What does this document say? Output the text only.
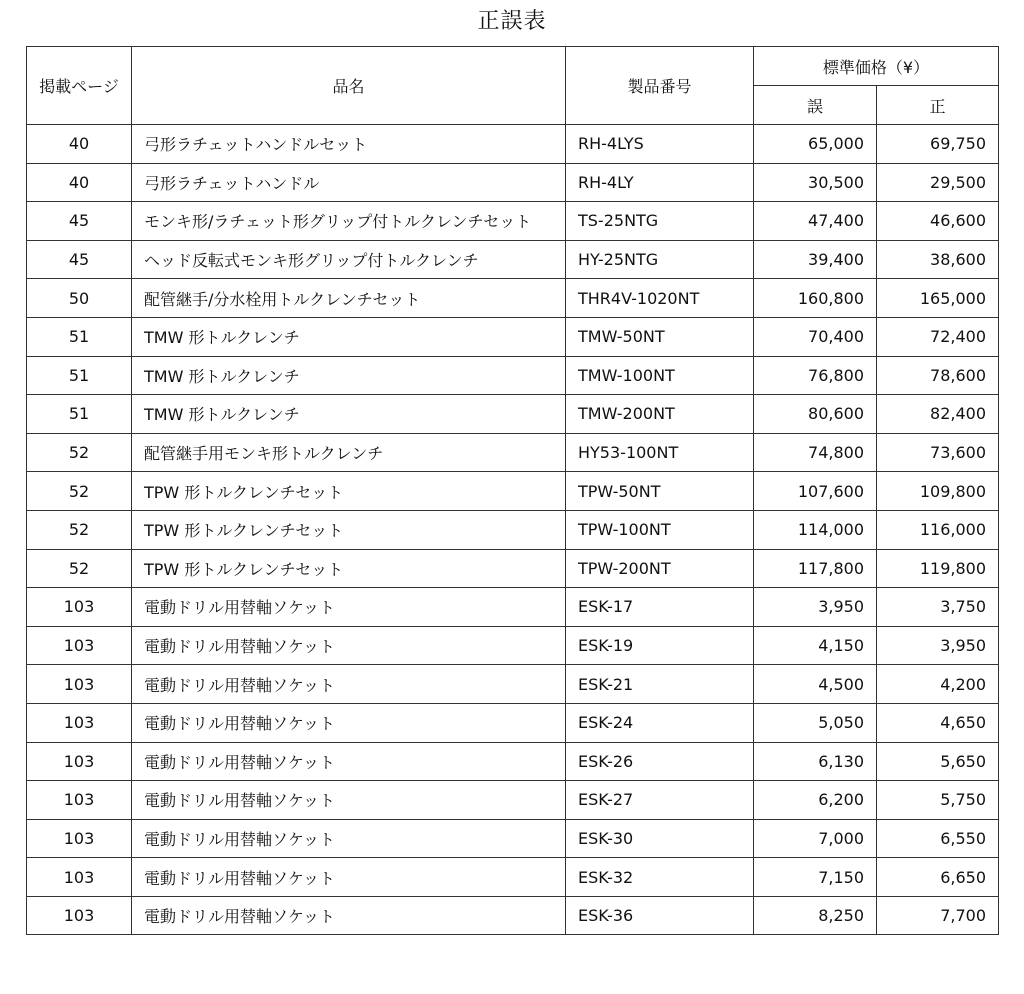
正誤表
掲載ページ	品名	製品番号	標準価格（¥）	
			誤	正
40	弓形ラチェットハンドルセット	RH-4LYS	65,000	69,750
40	弓形ラチェットハンドル	RH-4LY	30,500	29,500
45	モンキ形/ラチェット形グリップ付トルクレンチセット	TS-25NTG	47,400	46,600
45	ヘッド反転式モンキ形グリップ付トルクレンチ	HY-25NTG	39,400	38,600
50	配管継手/分水栓用トルクレンチセット	THR4V-1020NT	160,800	165,000
51	TMW 形トルクレンチ	TMW-50NT	70,400	72,400
51	TMW 形トルクレンチ	TMW-100NT	76,800	78,600
51	TMW 形トルクレンチ	TMW-200NT	80,600	82,400
52	配管継手用モンキ形トルクレンチ	HY53-100NT	74,800	73,600
52	TPW 形トルクレンチセット	TPW-50NT	107,600	109,800
52	TPW 形トルクレンチセット	TPW-100NT	114,000	116,000
52	TPW 形トルクレンチセット	TPW-200NT	117,800	119,800
103	電動ドリル用替軸ソケット	ESK-17	3,950	3,750
103	電動ドリル用替軸ソケット	ESK-19	4,150	3,950
103	電動ドリル用替軸ソケット	ESK-21	4,500	4,200
103	電動ドリル用替軸ソケット	ESK-24	5,050	4,650
103	電動ドリル用替軸ソケット	ESK-26	6,130	5,650
103	電動ドリル用替軸ソケット	ESK-27	6,200	5,750
103	電動ドリル用替軸ソケット	ESK-30	7,000	6,550
103	電動ドリル用替軸ソケット	ESK-32	7,150	6,650
103	電動ドリル用替軸ソケット	ESK-36	8,250	7,700
